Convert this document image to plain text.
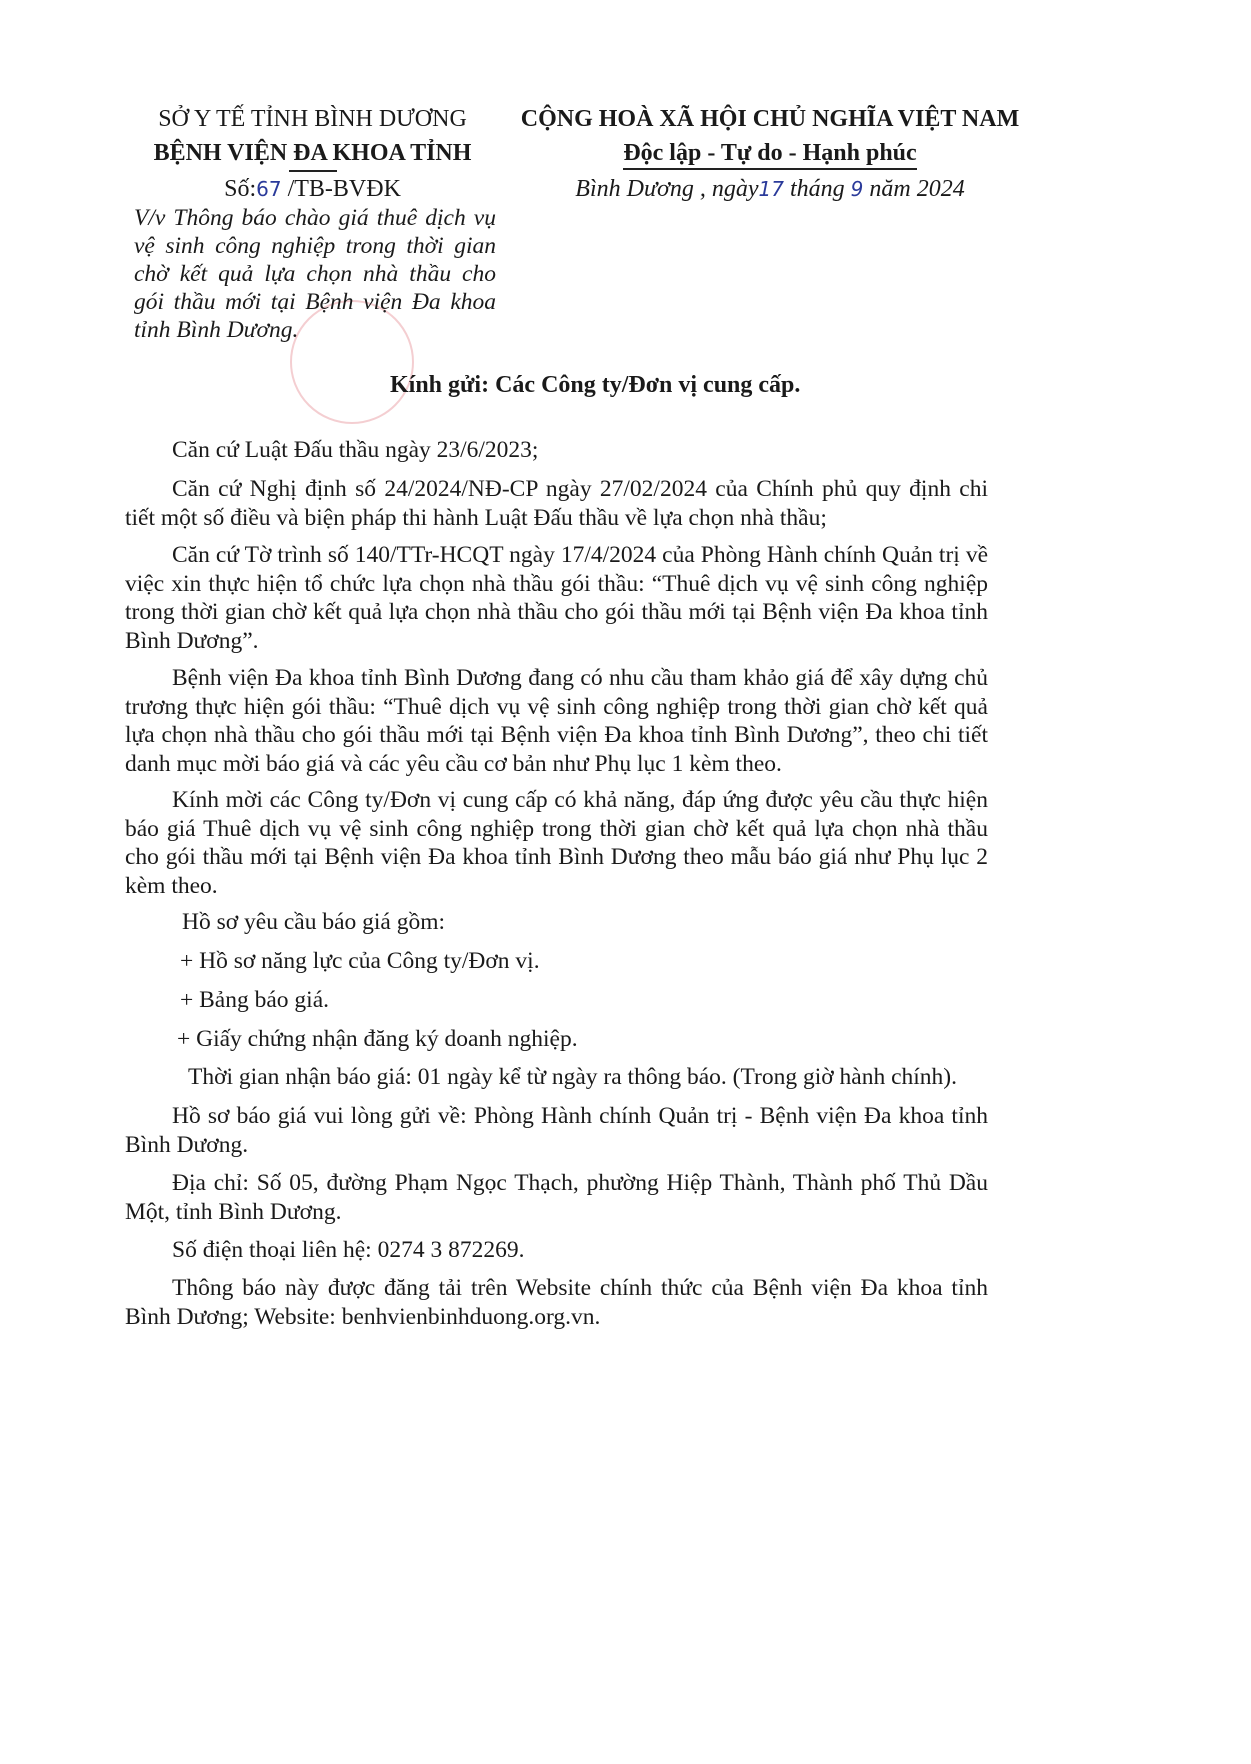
SỞ Y TẾ TỈNH BÌNH DƯƠNG
BỆNH VIỆN ĐA KHOA TỈNH
Số:67 /TB-BVĐK
V/v Thông báo chào giá thuê dịch vụ vệ sinh công nghiệp trong thời gian chờ kết quả lựa chọn nhà thầu cho gói thầu mới tại Bệnh viện Đa khoa tỉnh Bình Dương.
CỘNG HOÀ XÃ HỘI CHỦ NGHĨA VIỆT NAM
Độc lập - Tự do - Hạnh phúc
Bình Dương , ngày17 tháng 9 năm 2024
Kính gửi: Các Công ty/Đơn vị cung cấp.
Căn cứ Luật Đấu thầu ngày 23/6/2023;
Căn cứ Nghị định số 24/2024/NĐ-CP ngày 27/02/2024 của Chính phủ quy định chi tiết một số điều và biện pháp thi hành Luật Đấu thầu về lựa chọn nhà thầu;
Căn cứ Tờ trình số 140/TTr-HCQT ngày 17/4/2024 của Phòng Hành chính Quản trị về việc xin thực hiện tổ chức lựa chọn nhà thầu gói thầu: “Thuê dịch vụ vệ sinh công nghiệp trong thời gian chờ kết quả lựa chọn nhà thầu cho gói thầu mới tại Bệnh viện Đa khoa tỉnh Bình Dương”.
Bệnh viện Đa khoa tỉnh Bình Dương đang có nhu cầu tham khảo giá để xây dựng chủ trương thực hiện gói thầu: “Thuê dịch vụ vệ sinh công nghiệp trong thời gian chờ kết quả lựa chọn nhà thầu cho gói thầu mới tại Bệnh viện Đa khoa tỉnh Bình Dương”, theo chi tiết danh mục mời báo giá và các yêu cầu cơ bản như Phụ lục 1 kèm theo.
Kính mời các Công ty/Đơn vị cung cấp có khả năng, đáp ứng được yêu cầu thực hiện báo giá Thuê dịch vụ vệ sinh công nghiệp trong thời gian chờ kết quả lựa chọn nhà thầu cho gói thầu mới tại Bệnh viện Đa khoa tỉnh Bình Dương theo mẫu báo giá như Phụ lục 2 kèm theo.
Hồ sơ yêu cầu báo giá gồm:
+ Hồ sơ năng lực của Công ty/Đơn vị.
+ Bảng báo giá.
+ Giấy chứng nhận đăng ký doanh nghiệp.
Thời gian nhận báo giá: 01 ngày kể từ ngày ra thông báo. (Trong giờ hành chính).
Hồ sơ báo giá vui lòng gửi về: Phòng Hành chính Quản trị - Bệnh viện Đa khoa tỉnh Bình Dương.
Địa chỉ: Số 05, đường Phạm Ngọc Thạch, phường Hiệp Thành, Thành phố Thủ Dầu Một, tỉnh Bình Dương.
Số điện thoại liên hệ: 0274 3 872269.
Thông báo này được đăng tải trên Website chính thức của Bệnh viện Đa khoa tỉnh Bình Dương; Website: benhvienbinhduong.org.vn.
